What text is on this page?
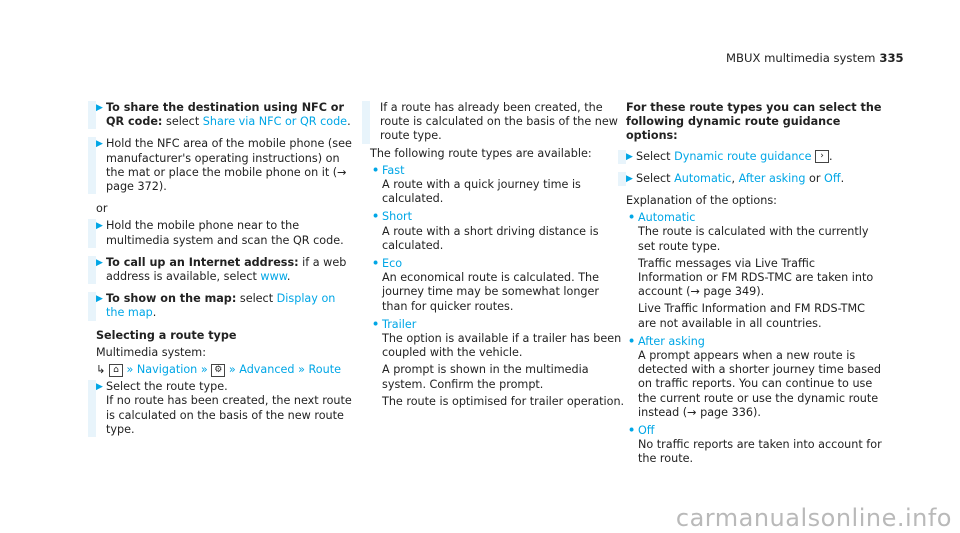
MBUX multimedia system 335
▶ To share the destination using NFC or QR code: select Share via NFC or QR code.
▶ Hold the NFC area of the mobile phone (see manufacturer's operating instructions) on the mat or place the mobile phone on it (→ page 372).

or

▶ Hold the mobile phone near to the multimedia system and scan the QR code.
▶ To call up an Internet address: if a web address is available, select www.
▶ To show on the map: select Display on the map.

Selecting a route type

Multimedia system:

↳ ⌂ » Navigation » ⚙ » Advanced » Route

▶ Select the route type.
If no route has been created, the next route is calculated on the basis of the new route type.

If a route has already been created, the route is calculated on the basis of the new route type.

The following route types are available:

• Fast
A route with a quick journey time is calculated.
• Short
A route with a short driving distance is calculated.
• Eco
An economical route is calculated. The journey time may be somewhat longer than for quicker routes.
• Trailer
The option is available if a trailer has been coupled with the vehicle.
A prompt is shown in the multimedia system. Confirm the prompt.
The route is optimised for trailer operation.

For these route types you can select the following dynamic route guidance options:

▶ Select Dynamic route guidance › .
▶ Select Automatic, After asking or Off.

Explanation of the options:

• Automatic
The route is calculated with the currently set route type.
Traffic messages via Live Traffic Information or FM RDS-TMC are taken into account (→ page 349).
Live Traffic Information and FM RDS-TMC are not available in all countries.
• After asking
A prompt appears when a new route is detected with a shorter journey time based on traffic reports. You can continue to use the current route or use the dynamic route instead (→ page 336).
• Off
No traffic reports are taken into account for the route.
carmanualsonline.info
